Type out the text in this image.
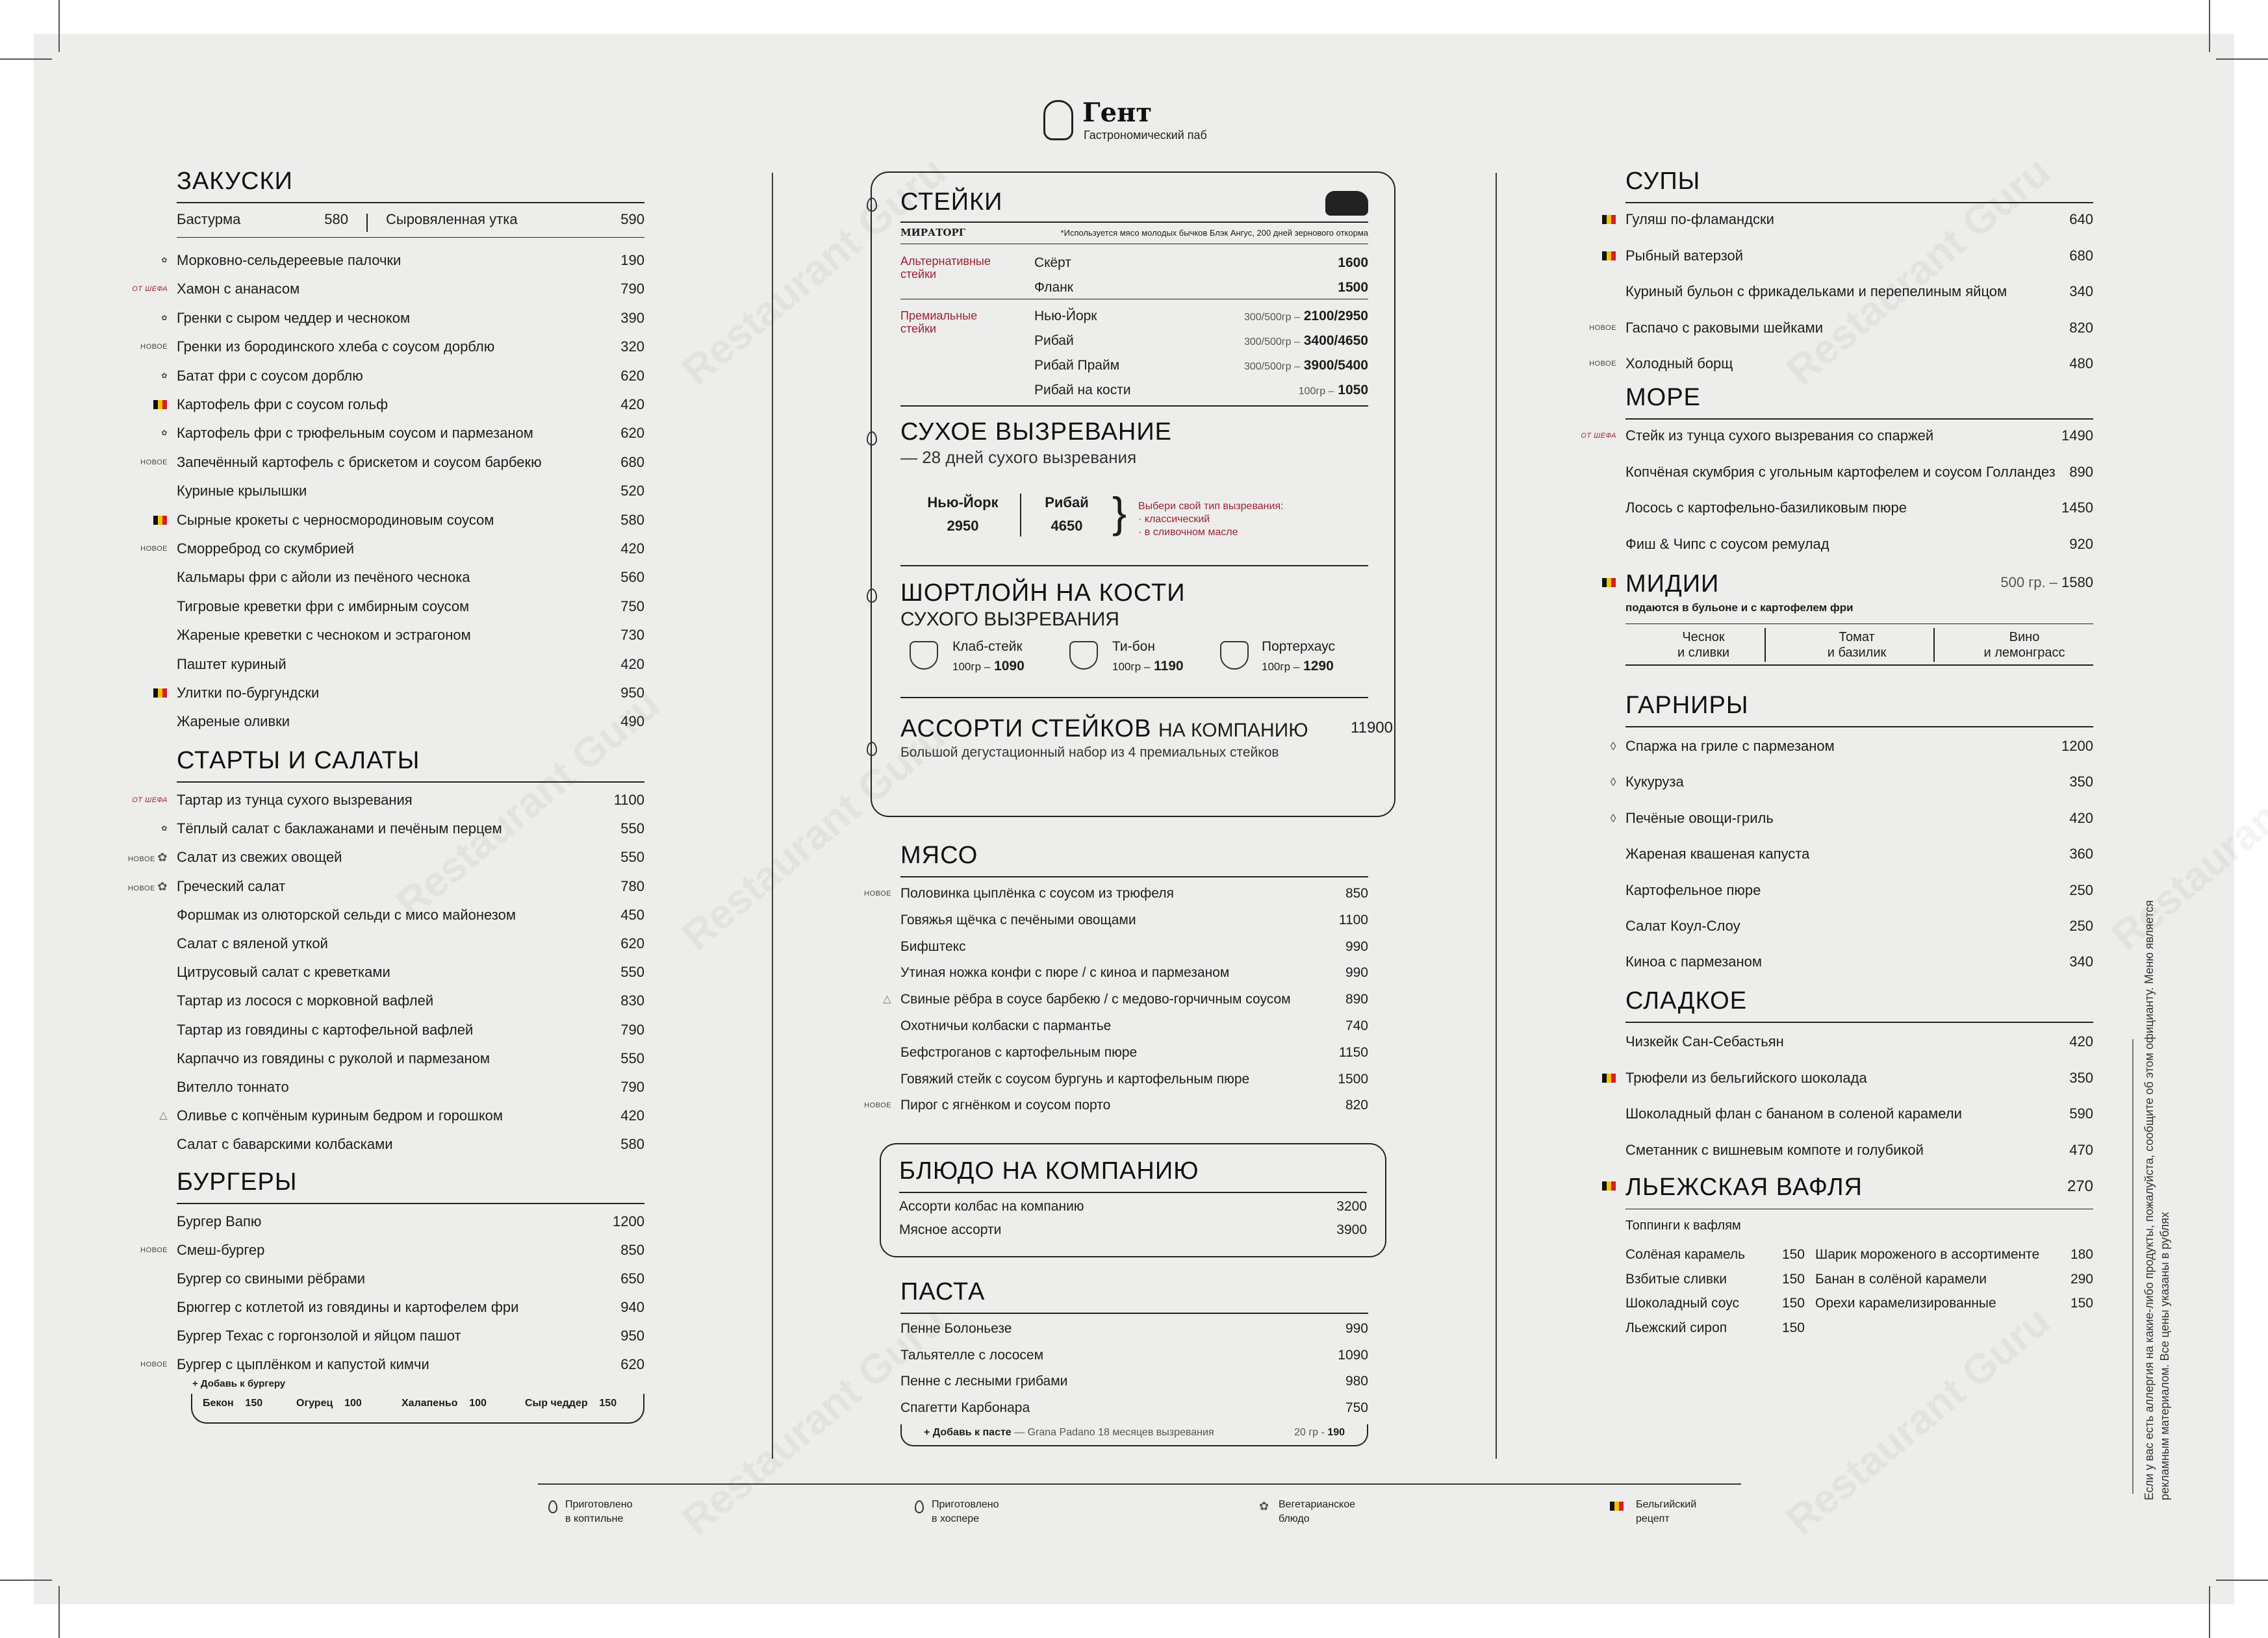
Гент
Гастрономический паб
ЗАКУСКИ
Бастурма	580	Сыровяленная утка	590
✿ Морковно-сельдереевые палочки	190
ОТ ШЕФА Хамон с ананасом	790
✿ Гренки с сыром чеддер и чесноком	390
НОВОЕ Гренки из бородинского хлеба с соусом дорблю	320
✿ Батат фри с соусом дорблю	620
Картофель фри с соусом гольф	420
✿ Картофель фри с трюфельным соусом и пармезаном	620
НОВОЕ Запечённый картофель с брискетом и соусом барбекю	680
Куриные крылышки	520
Сырные крокеты с черносмородиновым соусом	580
НОВОЕ Сморреброд со скумбрией	420
Кальмары фри с айоли из печёного чеснока	560
Тигровые креветки фри с имбирным соусом	750
Жареные креветки с чесноком и эстрагоном	730
Паштет куриный	420
Улитки по-бургундски	950
Жареные оливки	490
СТАРТЫ И САЛАТЫ
ОТ ШЕФА Тартар из тунца сухого вызревания	1100
✿ Тёплый салат с баклажанами и печёным перцем	550
НОВОЕ ✿ Салат из свежих овощей	550
НОВОЕ ✿ Греческий салат	780
Форшмак из олюторской сельди с мисо майонезом	450
Салат с вяленой уткой	620
Цитрусовый салат с креветками	550
Тартар из лосося с морковной вафлей	830
Тартар из говядины с картофельной вафлей	790
Карпаччо из говядины с руколой и пармезаном	550
Вителло тоннато	790
△ Оливье с копчёным куриным бедром и горошком	420
Салат с баварскими колбасками	580
БУРГЕРЫ
Бургер Вапю	1200
НОВОЕ Смеш-бургер	850
Бургер со свиными рёбрами	650
Брюггер с котлетой из говядины и картофелем фри	940
Бургер Техас с горгонзолой и яйцом пашот	950
НОВОЕ Бургер с цыплёнком и капустой кимчи	620
+ Добавь к бургеру
Бекон 150	Огурец 100	Халапеньо 100	Сыр чеддер 150
СТЕЙКИ
МИРАТОРГ	*Используется мясо молодых бычков Блэк Ангус, 200 дней зернового откорма
Альтернативные стейки
Премиальные стейки
Скёрт	1600
Фланк	1500
Нью-Йорк	300/500гр – 2100/2950
Рибай	300/500гр – 3400/4650
Рибай Прайм	300/500гр – 3900/5400
Рибай на кости	100гр – 1050
СУХОЕ ВЫЗРЕВАНИЕ
— 28 дней сухого вызревания
Нью-Йорк
2950
Рибай
4650 } Выбери свой тип вызревания:
· классический
· в сливочном масле
ШОРТЛОЙН НА КОСТИ
СУХОГО ВЫЗРЕВАНИЯ
Клаб-стейк
100гр – 1090
Ти-бон
100гр – 1190
Портерхаус
100гр – 1290
АССОРТИ СТЕЙКОВ НА КОМПАНИЮ	11900
Большой дегустационный набор из 4 премиальных стейков
МЯСО
НОВОЕ Половинка цыплёнка с соусом из трюфеля	850
Говяжья щёчка с печёными овощами	1100
Бифштекс	990
Утиная ножка конфи с пюре / с киноа и пармезаном	990
△ Свиные рёбра в соусе барбекю / с медово-горчичным соусом	890
Охотничьи колбаски с пармантье	740
Бефстроганов с картофельным пюре	1150
Говяжий стейк с соусом бургунь и картофельным пюре	1500
НОВОЕ Пирог с ягнёнком и соусом порто	820
БЛЮДО НА КОМПАНИЮ
Ассорти колбас на компанию	3200
Мясное ассорти	3900
ПАСТА
Пенне Болоньезе	990
Тальятелле с лососем	1090
Пенне с лесными грибами	980
Спагетти Карбонара	750
+ Добавь к пасте — Grana Padano 18 месяцев вызревания	20 гр - 190
СУПЫ
Гуляш по-фламандски	640
Рыбный ватерзой	680
Куриный бульон с фрикадельками и перепелиным яйцом	340
НОВОЕ Гаспачо с раковыми шейками	820
НОВОЕ Холодный борщ	480
МОРЕ
ОТ ШЕФА Стейк из тунца сухого вызревания со спаржей	1490
Копчёная скумбрия с угольным картофелем и соусом Голландез 890
Лосось с картофельно-базиликовым пюре	1450
Фиш & Чипс с соусом ремулад	920
МИДИИ	500 гр. – 1580
подаются в бульоне и с картофелем фри
Чеснок
и сливки
Томат
и базилик
Вино
и лемонграсс
ГАРНИРЫ
◊ Спаржа на гриле с пармезаном	1200
◊ Кукуруза	350
◊ Печёные овощи-гриль	420
Жареная квашеная капуста	360
Картофельное пюре	250
Салат Коул-Слоу	250
Киноа с пармезаном	340
СЛАДКОЕ
Чизкейк Сан-Себастьян	420
Трюфели из бельгийского шоколада	350
Шоколадный флан с бананом в соленой карамели	590
Сметанник с вишневым компоте и голубикой	470
ЛЬЕЖСКАЯ ВАФЛЯ	270
Топпинги к вафлям
Солёная карамель	150
Взбитые сливки	150
Шоколадный соус	150
Льежский сироп	150
Шарик мороженого в ассортименте 180
Банан в солёной карамели	290
Орехи карамелизированные	150
Приготовлено
в коптильне
Приготовлено
в хоспере
✿ Вегетарианское
блюдо
Бельгийский
рецепт
Если у вас есть аллергия на какие-либо продукты, пожалуйста, сообщите об этом официанту. Меню является рекламным материалом. Все цены указаны в рублях
